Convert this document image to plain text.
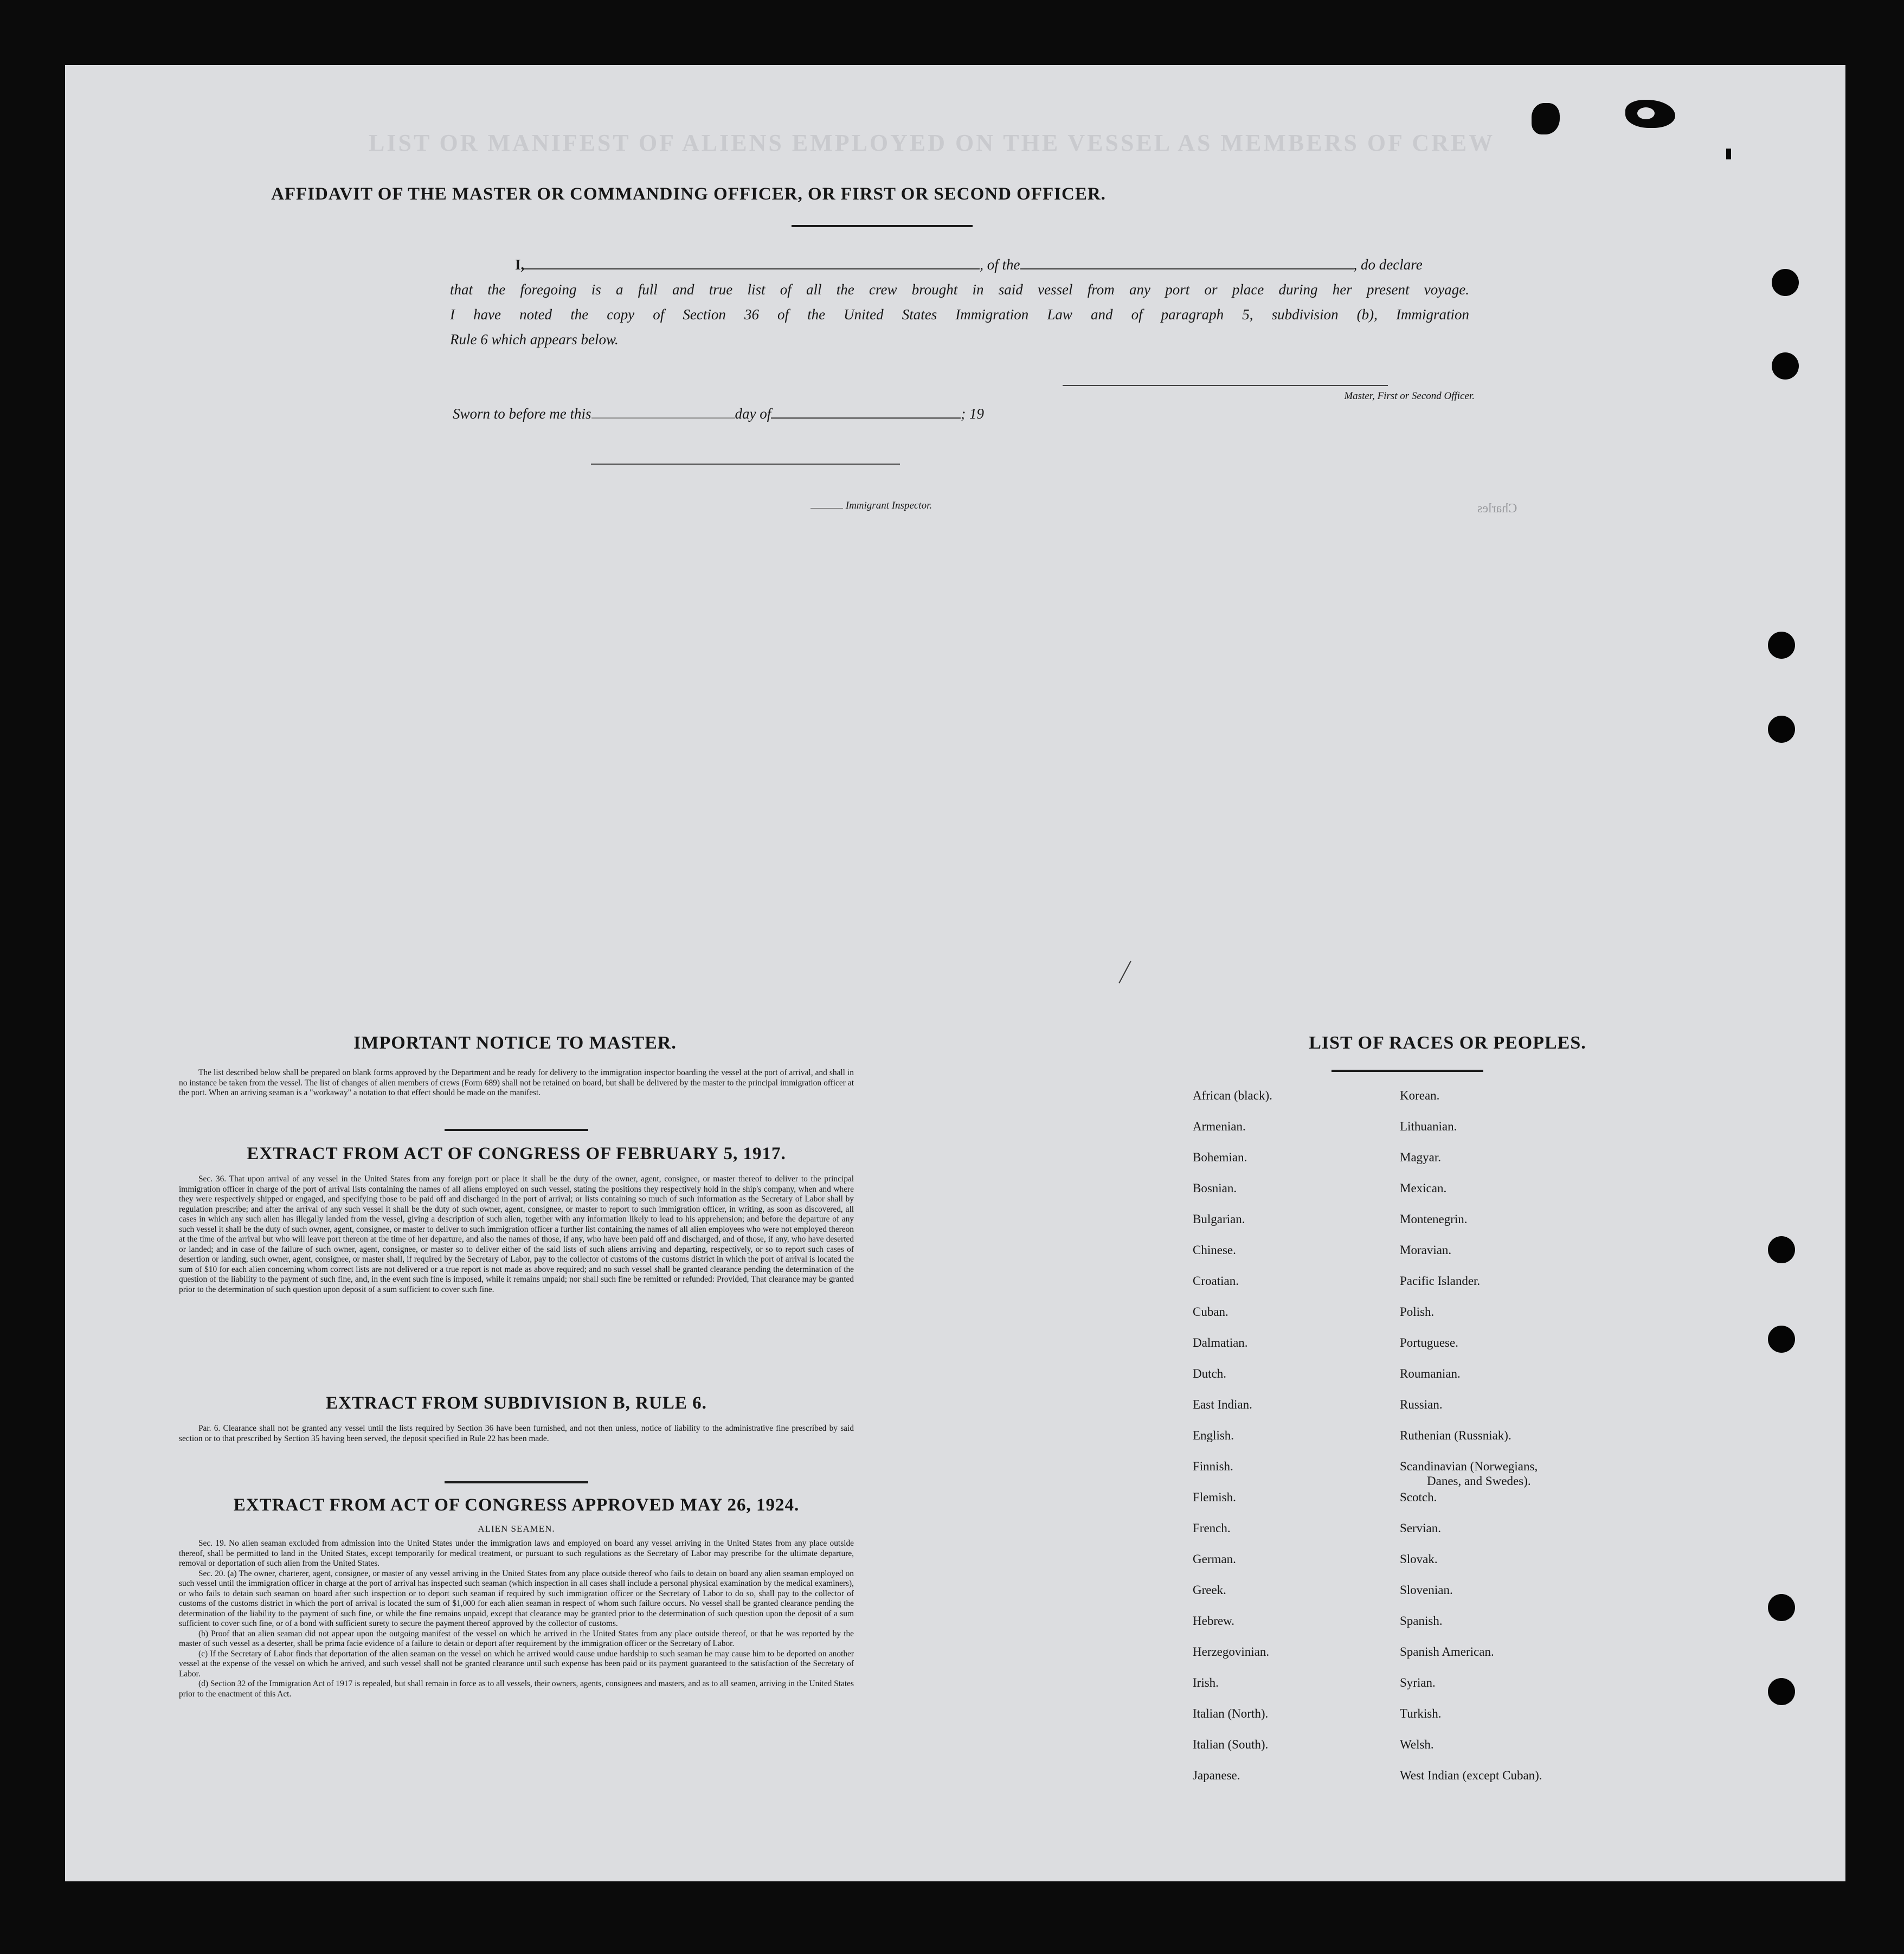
LIST OR MANIFEST OF ALIENS EMPLOYED ON THE VESSEL AS MEMBERS OF CREW
Charles
AFFIDAVIT OF THE MASTER OR COMMANDING OFFICER, OR FIRST OR SECOND OFFICER.
I,	, of the	, do declare
that the foregoing is a full and true list of all the crew brought in said vessel from any port or place during her present voyage.
I have noted the copy of Section 36 of the United States Immigration Law and of paragraph 5, subdivision (b), Immigration
Rule 6 which appears below.
Master, First or Second Officer.
Sworn to before me this	day of	; 19
Immigrant Inspector.
IMPORTANT NOTICE TO MASTER.

The list described below shall be prepared on blank forms approved by the Department and be ready for delivery to the immigration inspector boarding the vessel at the port of arrival, and shall in no instance be taken from the vessel. The list of changes of alien members of crews (Form 689) shall not be retained on board, but shall be delivered by the master to the principal immigration officer at the port. When an arriving seaman is a "workaway" a notation to that effect should be made on the manifest.

EXTRACT FROM ACT OF CONGRESS OF FEBRUARY 5, 1917.

Sec. 36. That upon arrival of any vessel in the United States from any foreign port or place it shall be the duty of the owner, agent, consignee, or master thereof to deliver to the principal immigration officer in charge of the port of arrival lists containing the names of all aliens employed on such vessel, stating the positions they respectively hold in the ship's company, when and where they were respectively shipped or engaged, and specifying those to be paid off and discharged in the port of arrival; or lists containing so much of such information as the Secretary of Labor shall by regulation prescribe; and after the arrival of any such vessel it shall be the duty of such owner, agent, consignee, or master to report to such immigration officer, in writing, as soon as discovered, all cases in which any such alien has illegally landed from the vessel, giving a description of such alien, together with any information likely to lead to his apprehension; and before the departure of any such vessel it shall be the duty of such owner, agent, consignee, or master to deliver to such immigration officer a further list containing the names of all alien employees who were not employed thereon at the time of the arrival but who will leave port thereon at the time of her departure, and also the names of those, if any, who have been paid off and discharged, and of those, if any, who have deserted or landed; and in case of the failure of such owner, agent, consignee, or master so to deliver either of the said lists of such aliens arriving and departing, respectively, or so to report such cases of desertion or landing, such owner, agent, consignee, or master shall, if required by the Secretary of Labor, pay to the collector of customs of the customs district in which the port of arrival is located the sum of $10 for each alien concerning whom correct lists are not delivered or a true report is not made as above required; and no such vessel shall be granted clearance pending the determination of the question of the liability to the payment of such fine, and, in the event such fine is imposed, while it remains unpaid; nor shall such fine be remitted or refunded: Provided, That clearance may be granted prior to the determination of such question upon deposit of a sum sufficient to cover such fine.

EXTRACT FROM SUBDIVISION B, RULE 6.

Par. 6. Clearance shall not be granted any vessel until the lists required by Section 36 have been furnished, and not then unless, notice of liability to the administrative fine prescribed by said section or to that prescribed by Section 35 having been served, the deposit specified in Rule 22 has been made.

EXTRACT FROM ACT OF CONGRESS APPROVED MAY 26, 1924.
ALIEN SEAMEN.

Sec. 19. No alien seaman excluded from admission into the United States under the immigration laws and employed on board any vessel arriving in the United States from any place outside thereof, shall be permitted to land in the United States, except temporarily for medical treatment, or pursuant to such regulations as the Secretary of Labor may prescribe for the ultimate departure, removal or deportation of such alien from the United States.

Sec. 20. (a) The owner, charterer, agent, consignee, or master of any vessel arriving in the United States from any place outside thereof who fails to detain on board any alien seaman employed on such vessel until the immigration officer in charge at the port of arrival has inspected such seaman (which inspection in all cases shall include a personal physical examination by the medical examiners), or who fails to detain such seaman on board after such inspection or to deport such seaman if required by such immigration officer or the Secretary of Labor to do so, shall pay to the collector of customs of the customs district in which the port of arrival is located the sum of $1,000 for each alien seaman in respect of whom such failure occurs. No vessel shall be granted clearance pending the determination of the liability to the payment of such fine, or while the fine remains unpaid, except that clearance may be granted prior to the determination of such question upon the deposit of a sum sufficient to cover such fine, or of a bond with sufficient surety to secure the payment thereof approved by the collector of customs.

(b) Proof that an alien seaman did not appear upon the outgoing manifest of the vessel on which he arrived in the United States from any place outside thereof, or that he was reported by the master of such vessel as a deserter, shall be prima facie evidence of a failure to detain or deport after requirement by the immigration officer or the Secretary of Labor.

(c) If the Secretary of Labor finds that deportation of the alien seaman on the vessel on which he arrived would cause undue hardship to such seaman he may cause him to be deported on another vessel at the expense of the vessel on which he arrived, and such vessel shall not be granted clearance until such expense has been paid or its payment guaranteed to the satisfaction of the Secretary of Labor.

(d) Section 32 of the Immigration Act of 1917 is repealed, but shall remain in force as to all vessels, their owners, agents, consignees and masters, and as to all seamen, arriving in the United States prior to the enactment of this Act.

LIST OF RACES OR PEOPLES.
African (black).
Armenian.
Bohemian.
Bosnian.
Bulgarian.
Chinese.
Croatian.
Cuban.
Dalmatian.
Dutch.
East Indian.
English.
Finnish.
Flemish.
French.
German.
Greek.
Hebrew.
Herzegovinian.
Irish.
Italian (North).
Italian (South).
Japanese.
Korean.
Lithuanian.
Magyar.
Mexican.
Montenegrin.
Moravian.
Pacific Islander.
Polish.
Portuguese.
Roumanian.
Russian.
Ruthenian (Russniak).
Scandinavian (Norwegians,
Danes, and Swedes).
Scotch.
Servian.
Slovak.
Slovenian.
Spanish.
Spanish American.
Syrian.
Turkish.
Welsh.
West Indian (except Cuban).
